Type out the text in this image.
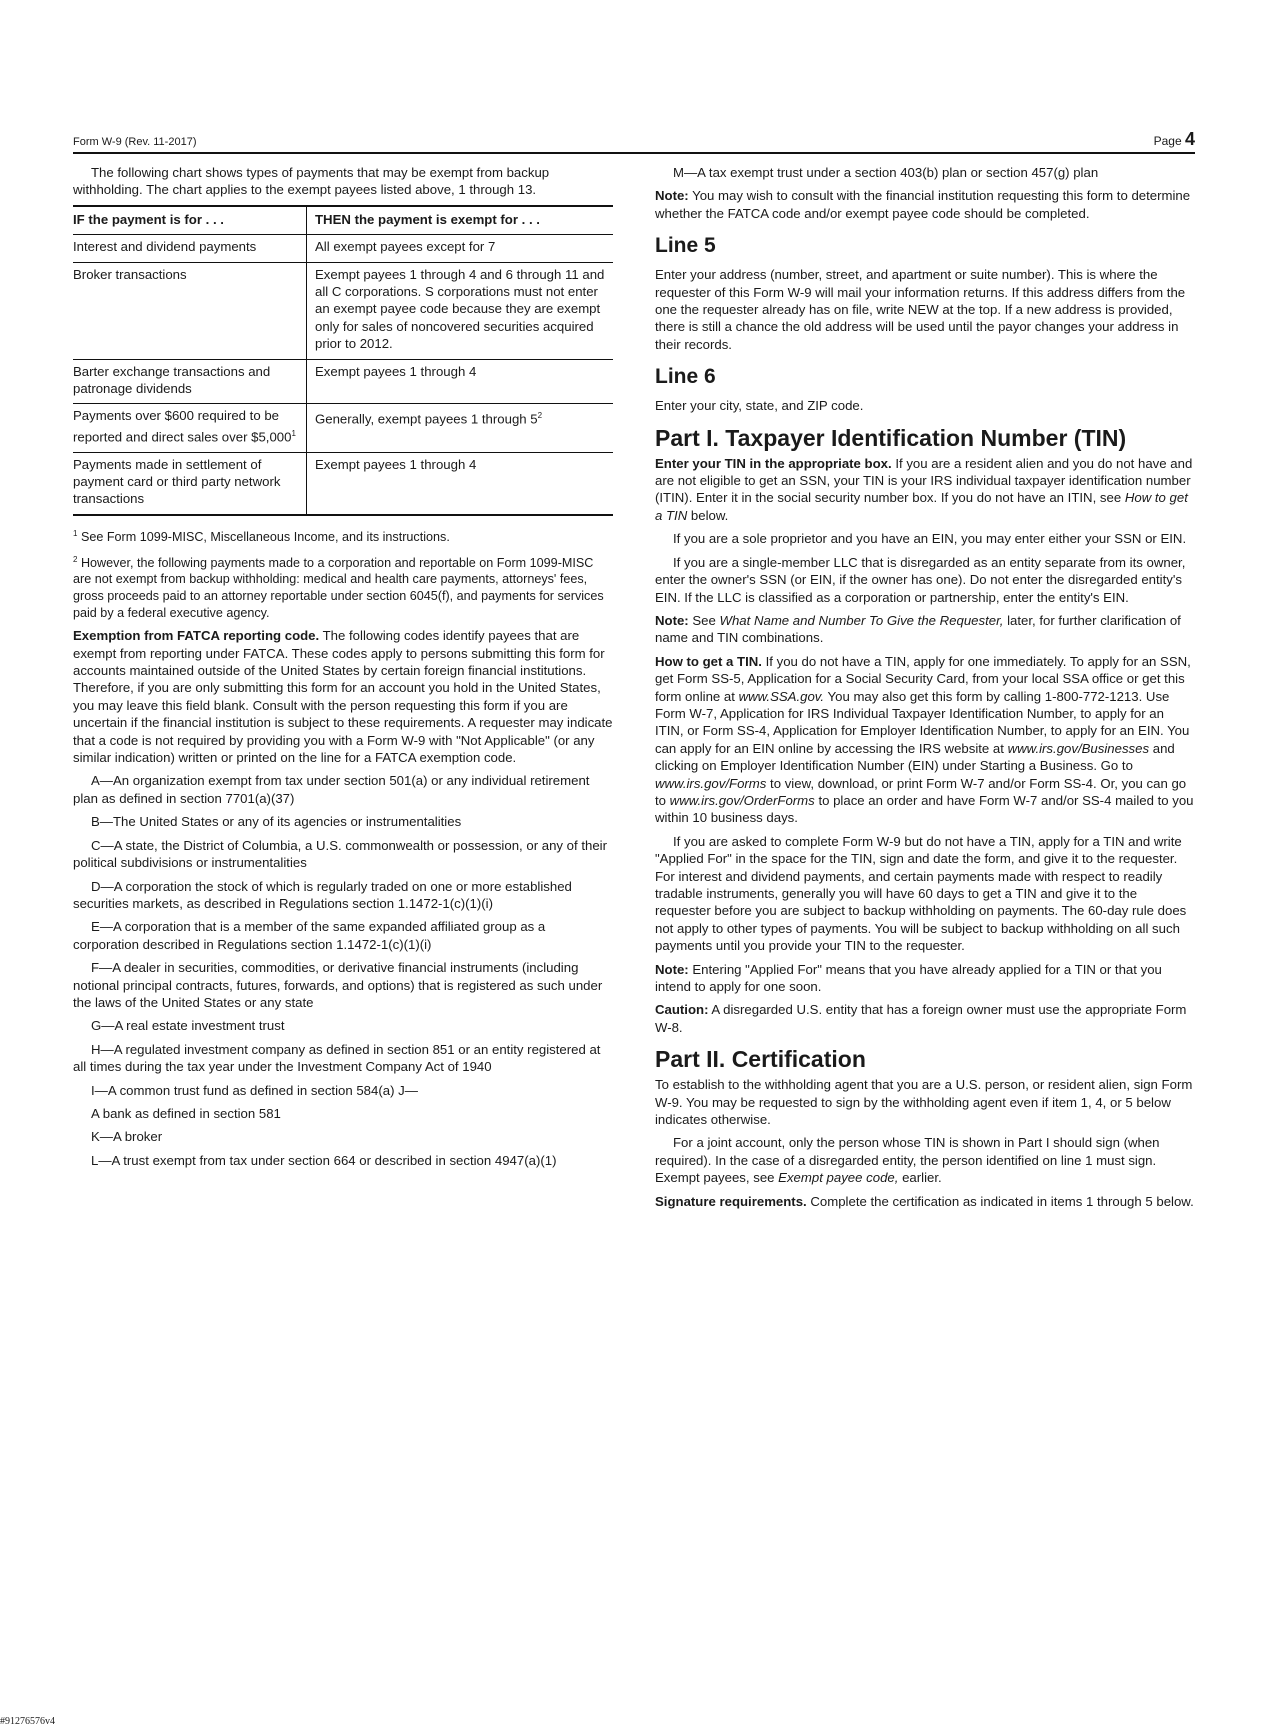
Form W-9 (Rev. 11-2017)	Page 4

The following chart shows types of payments that may be exempt from backup withholding. The chart applies to the exempt payees listed above, 1 through 13.

IF the payment is for . . .	THEN the payment is exempt for . . .
Interest and dividend payments	All exempt payees except for 7
Broker transactions	Exempt payees 1 through 4 and 6 through 11 and all C corporations. S corporations must not enter an exempt payee code because they are exempt only for sales of noncovered securities acquired prior to 2012.
Barter exchange transactions and patronage dividends	Exempt payees 1 through 4
Payments over $600 required to be reported and direct sales over $5,000$^1$	Generally, exempt payees 1 through $5^2$
Payments made in settlement of payment card or third party network transactions	Exempt payees 1 through 4

$^1$ See Form 1099-MISC, Miscellaneous Income, and its instructions.

$^2$ However, the following payments made to a corporation and reportable on Form 1099-MISC are not exempt from backup withholding: medical and health care payments, attorneys' fees, gross proceeds paid to an attorney reportable under section 6045(f), and payments for services paid by a federal executive agency.

Exemption from FATCA reporting code. The following codes identify payees that are exempt from reporting under FATCA. These codes apply to persons submitting this form for accounts maintained outside of the United States by certain foreign financial institutions. Therefore, if you are only submitting this form for an account you hold in the United States, you may leave this field blank. Consult with the person requesting this form if you are uncertain if the financial institution is subject to these requirements. A requester may indicate that a code is not required by providing you with a Form W-9 with "Not Applicable" (or any similar indication) written or printed on the line for a FATCA exemption code.

A—An organization exempt from tax under section 501(a) or any individual retirement plan as defined in section 7701(a)(37)

B—The United States or any of its agencies or instrumentalities

C—A state, the District of Columbia, a U.S. commonwealth or possession, or any of their political subdivisions or instrumentalities

D—A corporation the stock of which is regularly traded on one or more established securities markets, as described in Regulations section 1.1472-1(c)(1)(i)

E—A corporation that is a member of the same expanded affiliated group as a corporation described in Regulations section 1.1472-1(c)(1)(i)

F—A dealer in securities, commodities, or derivative financial instruments (including notional principal contracts, futures, forwards, and options) that is registered as such under the laws of the United States or any state

G—A real estate investment trust

H—A regulated investment company as defined in section 851 or an entity registered at all times during the tax year under the Investment Company Act of 1940

I—A common trust fund as defined in section 584(a) J—

A bank as defined in section 581

K—A broker

L—A trust exempt from tax under section 664 or described in section 4947(a)(1)

M—A tax exempt trust under a section 403(b) plan or section 457(g) plan

Note: You may wish to consult with the financial institution requesting this form to determine whether the FATCA code and/or exempt payee code should be completed.

Line 5

Enter your address (number, street, and apartment or suite number). This is where the requester of this Form W-9 will mail your information returns. If this address differs from the one the requester already has on file, write NEW at the top. If a new address is provided, there is still a chance the old address will be used until the payor changes your address in their records.

Line 6

Enter your city, state, and ZIP code.

Part I. Taxpayer Identification Number (TIN)

Enter your TIN in the appropriate box. If you are a resident alien and you do not have and are not eligible to get an SSN, your TIN is your IRS individual taxpayer identification number (ITIN). Enter it in the social security number box. If you do not have an ITIN, see How to get a TIN below.

If you are a sole proprietor and you have an EIN, you may enter either your SSN or EIN.

If you are a single-member LLC that is disregarded as an entity separate from its owner, enter the owner's SSN (or EIN, if the owner has one). Do not enter the disregarded entity's EIN. If the LLC is classified as a corporation or partnership, enter the entity's EIN.

Note: See What Name and Number To Give the Requester, later, for further clarification of name and TIN combinations.

How to get a TIN. If you do not have a TIN, apply for one immediately. To apply for an SSN, get Form SS-5, Application for a Social Security Card, from your local SSA office or get this form online at www.SSA.gov. You may also get this form by calling 1-800-772-1213. Use Form W-7, Application for IRS Individual Taxpayer Identification Number, to apply for an ITIN, or Form SS-4, Application for Employer Identification Number, to apply for an EIN. You can apply for an EIN online by accessing the IRS website at www.irs.gov/Businesses and clicking on Employer Identification Number (EIN) under Starting a Business. Go to www.irs.gov/Forms to view, download, or print Form W-7 and/or Form SS-4. Or, you can go to www.irs.gov/OrderForms to place an order and have Form W-7 and/or SS-4 mailed to you within 10 business days.

If you are asked to complete Form W-9 but do not have a TIN, apply for a TIN and write "Applied For" in the space for the TIN, sign and date the form, and give it to the requester. For interest and dividend payments, and certain payments made with respect to readily tradable instruments, generally you will have 60 days to get a TIN and give it to the requester before you are subject to backup withholding on payments. The 60-day rule does not apply to other types of payments. You will be subject to backup withholding on all such payments until you provide your TIN to the requester.

Note: Entering "Applied For" means that you have already applied for a TIN or that you intend to apply for one soon.

Caution: A disregarded U.S. entity that has a foreign owner must use the appropriate Form W-8.

Part II. Certification

To establish to the withholding agent that you are a U.S. person, or resident alien, sign Form W-9. You may be requested to sign by the withholding agent even if item 1, 4, or 5 below indicates otherwise.

For a joint account, only the person whose TIN is shown in Part I should sign (when required). In the case of a disregarded entity, the person identified on line 1 must sign. Exempt payees, see Exempt payee code, earlier.

Signature requirements. Complete the certification as indicated in items 1 through 5 below.

#91276576v4
